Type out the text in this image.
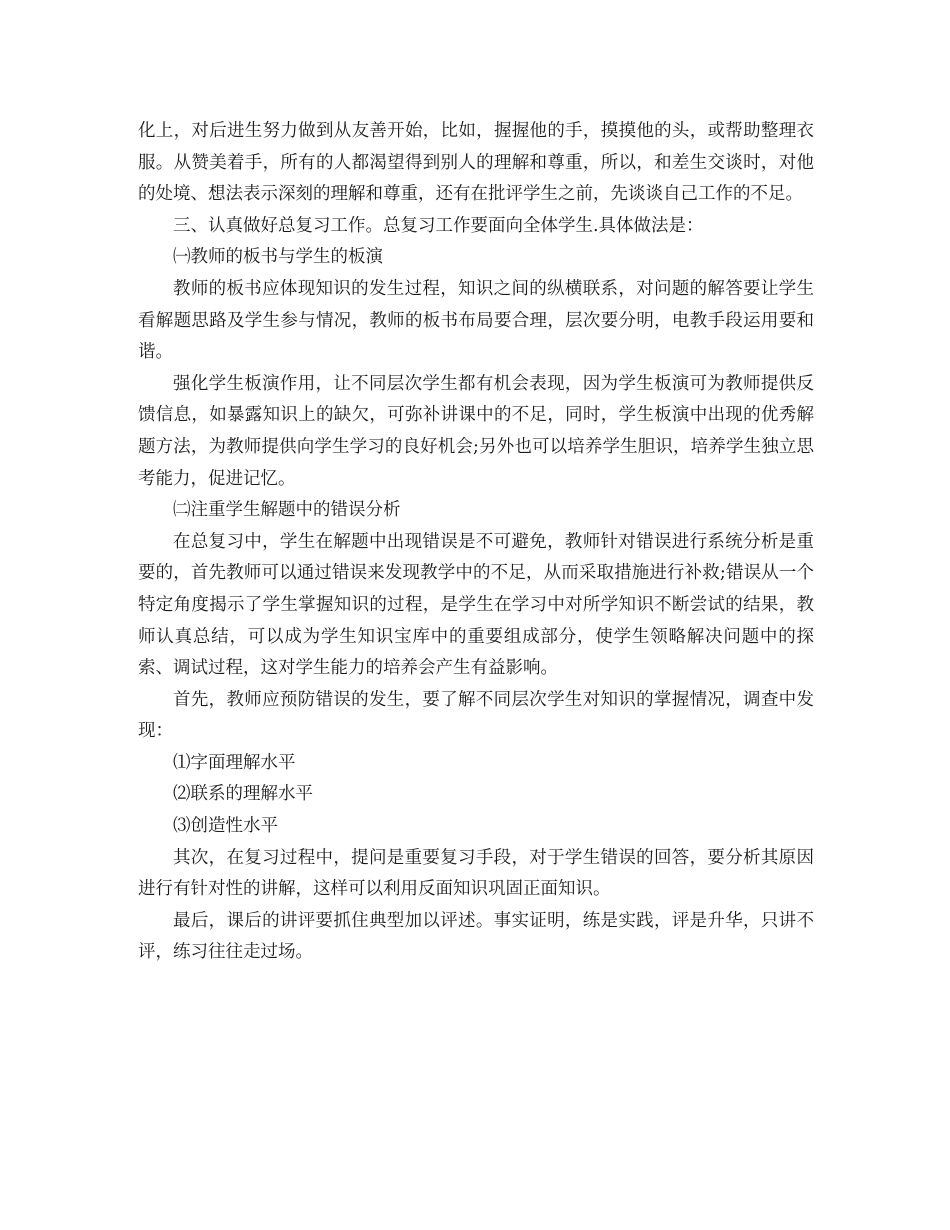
化上，对后进生努力做到从友善开始，比如，握握他的手，摸摸他的头，或帮助整理衣服。从赞美着手，所有的人都渴望得到别人的理解和尊重，所以，和差生交谈时，对他的处境、想法表示深刻的理解和尊重，还有在批评学生之前，先谈谈自己工作的不足。

三、认真做好总复习工作。总复习工作要面向全体学生.具体做法是：

㈠教师的板书与学生的板演

教师的板书应体现知识的发生过程，知识之间的纵横联系，对问题的解答要让学生看解题思路及学生参与情况，教师的板书布局要合理，层次要分明，电教手段运用要和谐。

强化学生板演作用，让不同层次学生都有机会表现，因为学生板演可为教师提供反馈信息，如暴露知识上的缺欠，可弥补讲课中的不足，同时，学生板演中出现的优秀解题方法，为教师提供向学生学习的良好机会;另外也可以培养学生胆识，培养学生独立思考能力，促进记忆。

㈡注重学生解题中的错误分析

在总复习中，学生在解题中出现错误是不可避免，教师针对错误进行系统分析是重要的，首先教师可以通过错误来发现教学中的不足，从而采取措施进行补救;错误从一个特定角度揭示了学生掌握知识的过程，是学生在学习中对所学知识不断尝试的结果，教师认真总结，可以成为学生知识宝库中的重要组成部分，使学生领略解决问题中的探索、调试过程，这对学生能力的培养会产生有益影响。

首先，教师应预防错误的发生，要了解不同层次学生对知识的掌握情况，调查中发现：

⑴字面理解水平

⑵联系的理解水平

⑶创造性水平

其次，在复习过程中，提问是重要复习手段，对于学生错误的回答，要分析其原因进行有针对性的讲解，这样可以利用反面知识巩固正面知识。

最后，课后的讲评要抓住典型加以评述。事实证明，练是实践，评是升华，只讲不评，练习往往走过场。
